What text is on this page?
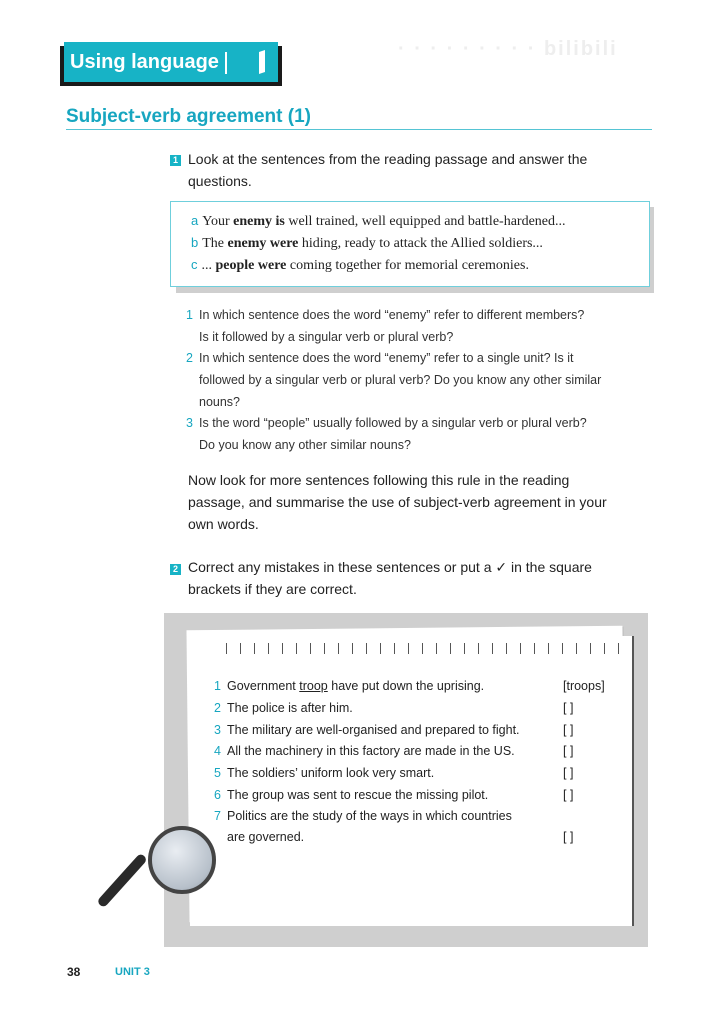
Using language
· · · · · · · · · bilibili
Subject-verb agreement (1)
1 Look at the sentences from the reading passage and answer the
questions.
a Your enemy is well trained, well equipped and battle-hardened...
b The enemy were hiding, ready to attack the Allied soldiers...
c ... people were coming together for memorial ceremonies.
1 In which sentence does the word “enemy” refer to different members?
Is it followed by a singular verb or plural verb?
2 In which sentence does the word “enemy” refer to a single unit? Is it
followed by a singular verb or plural verb? Do you know any other similar
nouns?
3 Is the word “people” usually followed by a singular verb or plural verb?
Do you know any other similar nouns?
Now look for more sentences following this rule in the reading
passage, and summarise the use of subject-verb agreement in your
own words.
2 Correct any mistakes in these sentences or put a ✓ in the square
brackets if they are correct.
1 Government troop have put down the uprising.	[troops]
2 The police is after him.	[ ]
3 The military are well-organised and prepared to fight.	[ ]
4 All the machinery in this factory are made in the US.	[ ]
5 The soldiers’ uniform look very smart.	[ ]
6 The group was sent to rescue the missing pilot.	[ ]
7 Politics are the study of the ways in which countries
are governed.	[ ]
38	UNIT 3
